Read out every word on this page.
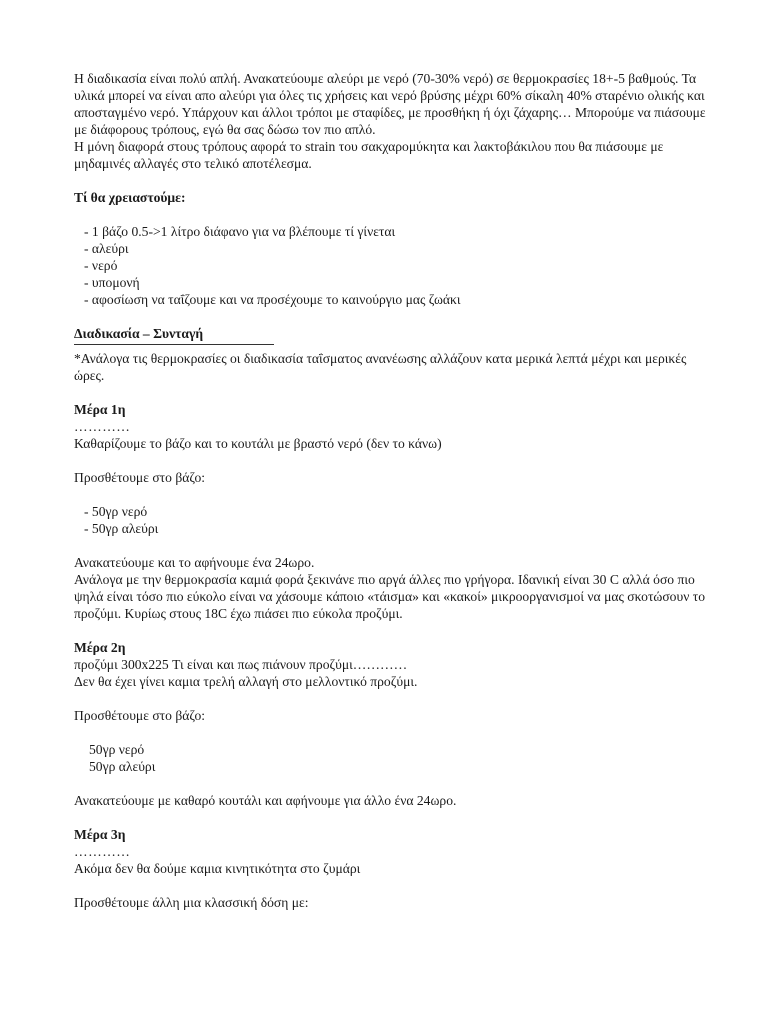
Η διαδικασία είναι πολύ απλή. Ανακατεύουμε αλεύρι με νερό (70-30% νερό) σε θερμοκρασίες 18+-5 βαθμούς. Τα υλικά μπορεί να είναι απο αλεύρι για όλες τις χρήσεις και νερό βρύσης μέχρι 60% σίκαλη 40% σταρένιο ολικής και αποσταγμένο νερό. Υπάρχουν και άλλοι τρόποι με σταφίδες, με προσθήκη ή όχι ζάχαρης… Μπορούμε να πιάσουμε με διάφορους τρόπους, εγώ θα σας δώσω τον πιο απλό.

Η μόνη διαφορά στους τρόπους αφορά το strain του σακχαρομύκητα και λακτοβάκιλου που θα πιάσουμε με μηδαμινές αλλαγές στο τελικό αποτέλεσμα.

Τί θα χρειαστούμε:

- 1 βάζο 0.5->1 λίτρο διάφανο για να βλέπουμε τί γίνεται
- αλεύρι
- νερό
- υπομονή
- αφοσίωση να ταΐζουμε και να προσέχουμε το καινούργιο μας ζωάκι

Διαδικασία – Συνταγή

*Ανάλογα τις θερμοκρασίες οι διαδικασία ταΐσματος ανανέωσης αλλάζουν κατα μερικά λεπτά μέχρι και μερικές ώρες.

Μέρα 1η

…………

Καθαρίζουμε το βάζο και το κουτάλι με βραστό νερό (δεν το κάνω)

Προσθέτουμε στο βάζο:

- 50γρ νερό
- 50γρ αλεύρι

Ανακατεύουμε και το αφήνουμε ένα 24ωρο.

Ανάλογα με την θερμοκρασία καμιά φορά ξεκινάνε πιο αργά άλλες πιο γρήγορα. Ιδανική είναι 30 C αλλά όσο πιο ψηλά είναι τόσο πιο εύκολο είναι να χάσουμε κάποιο «τάισμα» και «κακοί» μικροοργανισμοί να μας σκοτώσουν το προζύμι. Κυρίως στους 18C έχω πιάσει πιο εύκολα προζύμι.

Μέρα 2η

προζύμι 300x225 Τι είναι και πως πιάνουν προζύμι…………

Δεν θα έχει γίνει καμια τρελή αλλαγή στο μελλοντικό προζύμι.

Προσθέτουμε στο βάζο:

50γρ νερό
50γρ αλεύρι

Ανακατεύουμε με καθαρό κουτάλι και αφήνουμε για άλλο ένα 24ωρο.

Μέρα 3η

…………

Ακόμα δεν θα δούμε καμια κινητικότητα στο ζυμάρι

Προσθέτουμε άλλη μια κλασσική δόση με:
